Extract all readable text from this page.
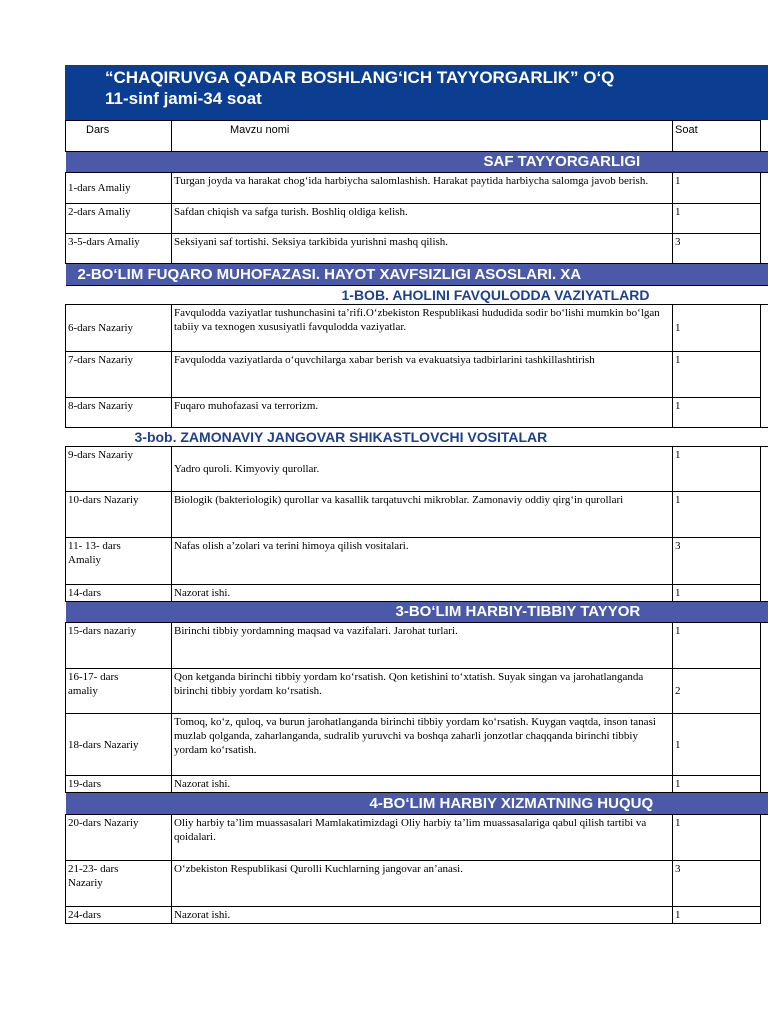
“CHAQIRUVGA QADAR BOSHLANG‘ICH TAYYORGARLIK” O‘Q
11-sinf jami-34 soat
Dars	Mavzu nomi	Soat	

SAF TAYYORGARLIGI			

1-dars Amaliy	Turgan joyda va harakat chog‘ida harbiycha salomlashish. Harakat paytida harbiycha salomga javob berish.	1	
2-dars Amaliy	Safdan chiqish va safga turish. Boshliq oldiga kelish.	1	
3-5-dars Amaliy	Seksiyani saf tortishi. Seksiya tarkibida yurishni mashq qilish.	3	

2-BO‘LIM FUQARO MUHOFAZASI. HAYOT XAVFSIZLIGI ASOSLARI. XA			

1-BOB. AHOLINI FAVQULODDA VAZIYATLARD			
6-dars Nazariy	Favqulodda vaziyatlar tushunchasini ta’rifi.O‘zbekiston Respublikasi hududida sodir bo‘lishi mumkin bo‘lgan tabiiy va texnogen xususiyatli favqulodda vaziyatlar.	1	
7-dars Nazariy	Favqulodda vaziyatlarda o‘quvchilarga xabar berish va evakuatsiya tadbirlarini tashkillashtirish	1	
8-dars Nazariy	Fuqaro muhofazasi va terrorizm.	1	
3-bob. ZAMONAVIY JANGOVAR SHIKASTLOVCHI VOSITALAR			
9-dars Nazariy	Yadro quroli. Kimyoviy qurollar.	1	
10-dars Nazariy	Biologik (bakteriologik) qurollar va kasallik tarqatuvchi mikroblar. Zamonaviy oddiy qirg‘in qurollari	1	
11- 13- dars Amaliy	Nafas olish a’zolari va terini himoya qilish vositalari.	3	
14-dars	Nazorat ishi.	1	

3-BO‘LIM HARBIY-TIBBIY TAYYOR			

15-dars nazariy	Birinchi tibbiy yordamning maqsad va vazifalari. Jarohat turlari.	1	
16-17- dars amaliy	Qon ketganda birinchi tibbiy yordam ko‘rsatish. Qon ketishini to‘xtatish. Suyak singan va jarohatlanganda birinchi tibbiy yordam ko‘rsatish.	2	
18-dars Nazariy	Tomoq, ko‘z, quloq, va burun jarohatlanganda birinchi tibbiy yordam ko‘rsatish. Kuygan vaqtda, inson tanasi muzlab qolganda, zaharlanganda, sudralib yuruvchi va boshqa zaharli jonzotlar chaqqanda birinchi tibbiy yordam ko‘rsatish.	1	
19-dars	Nazorat ishi.	1	

4-BO‘LIM HARBIY XIZMATNING HUQUQ			

20-dars Nazariy	Oliy harbiy ta’lim muassasalari Mamlakatimizdagi Oliy harbiy ta’lim muassasalariga qabul qilish tartibi va qoidalari.	1	
21-23- dars Nazariy	O‘zbekiston Respublikasi Qurolli Kuchlarning jangovar an’anasi.	3	
24-dars	Nazorat ishi.	1	
